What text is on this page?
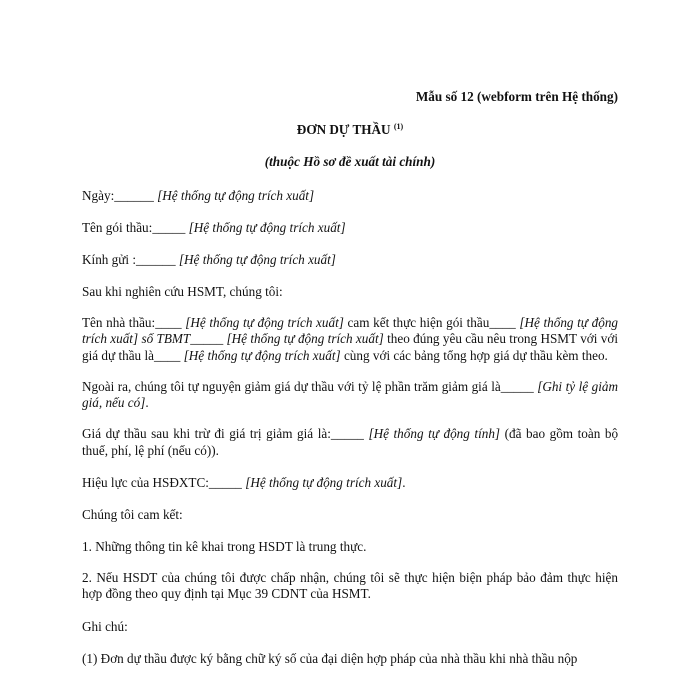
Mẫu số 12 (webform trên Hệ thống)
ĐƠN DỰ THẦU $^{(1)}$
(thuộc Hồ sơ đề xuất tài chính)

Ngày:______ [Hệ thống tự động trích xuất]

Tên gói thầu:_____ [Hệ thống tự động trích xuất]

Kính gửi :______ [Hệ thống tự động trích xuất]

Sau khi nghiên cứu HSMT, chúng tôi:

Tên nhà thầu:____ [Hệ thống tự động trích xuất] cam kết thực hiện gói thầu____ [Hệ thống tự động trích xuất] số TBMT_____ [Hệ thống tự động trích xuất] theo đúng yêu cầu nêu trong HSMT với với giá dự thầu là____ [Hệ thống tự động trích xuất] cùng với các bảng tổng hợp giá dự thầu kèm theo.

Ngoài ra, chúng tôi tự nguyện giảm giá dự thầu với tỷ lệ phần trăm giảm giá là_____ [Ghi tỷ lệ giảm giá, nếu có].

Giá dự thầu sau khi trừ đi giá trị giảm giá là:_____ [Hệ thống tự động tính] (đã bao gồm toàn bộ thuế, phí, lệ phí (nếu có)).

Hiệu lực của HSĐXTC:_____ [Hệ thống tự động trích xuất].

Chúng tôi cam kết:

1. Những thông tin kê khai trong HSDT là trung thực.

2. Nếu HSDT của chúng tôi được chấp nhận, chúng tôi sẽ thực hiện biện pháp bảo đảm thực hiện hợp đồng theo quy định tại Mục 39 CDNT của HSMT.

Ghi chú:

(1) Đơn dự thầu được ký bằng chữ ký số của đại diện hợp pháp của nhà thầu khi nhà thầu nộp
